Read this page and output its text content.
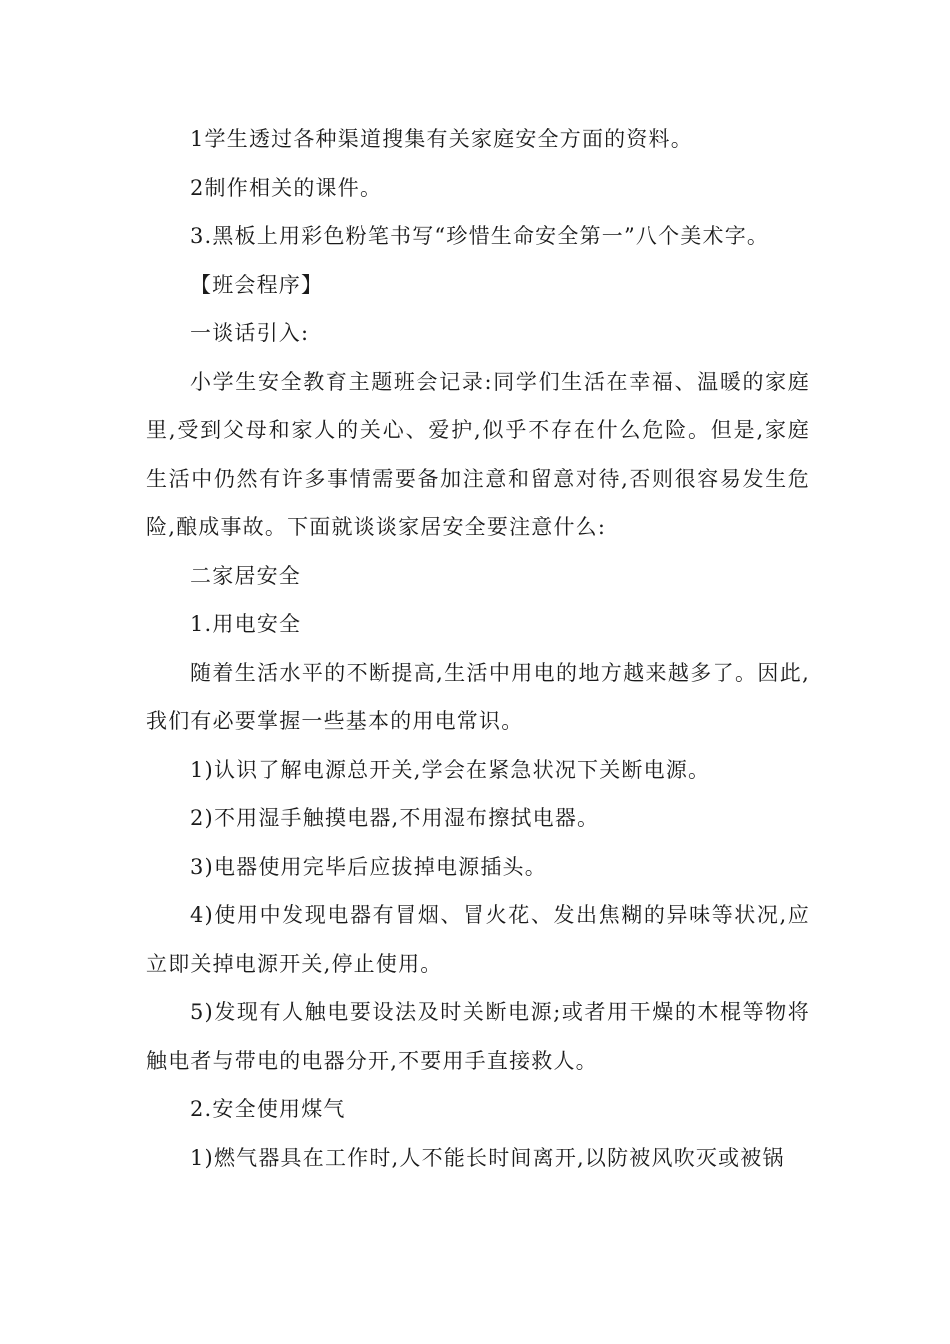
1学生透过各种渠道搜集有关家庭安全方面的资料。

2制作相关的课件。

3.黑板上用彩色粉笔书写“珍惜生命安全第一”八个美术字。

【班会程序】

一谈话引入:

小学生安全教育主题班会记录:同学们生活在幸福、温暖的家庭里,受到父母和家人的关心、爱护,似乎不存在什么危险。但是,家庭生活中仍然有许多事情需要备加注意和留意对待,否则很容易发生危险,酿成事故。下面就谈谈家居安全要注意什么:

二家居安全

1.用电安全

随着生活水平的不断提高,生活中用电的地方越来越多了。因此,我们有必要掌握一些基本的用电常识。

1)认识了解电源总开关,学会在紧急状况下关断电源。

2)不用湿手触摸电器,不用湿布擦拭电器。

3)电器使用完毕后应拔掉电源插头。

4)使用中发现电器有冒烟、冒火花、发出焦糊的异味等状况,应立即关掉电源开关,停止使用。

5)发现有人触电要设法及时关断电源;或者用干燥的木棍等物将触电者与带电的电器分开,不要用手直接救人。

2.安全使用煤气

1)燃气器具在工作时,人不能长时间离开,以防被风吹灭或被锅
